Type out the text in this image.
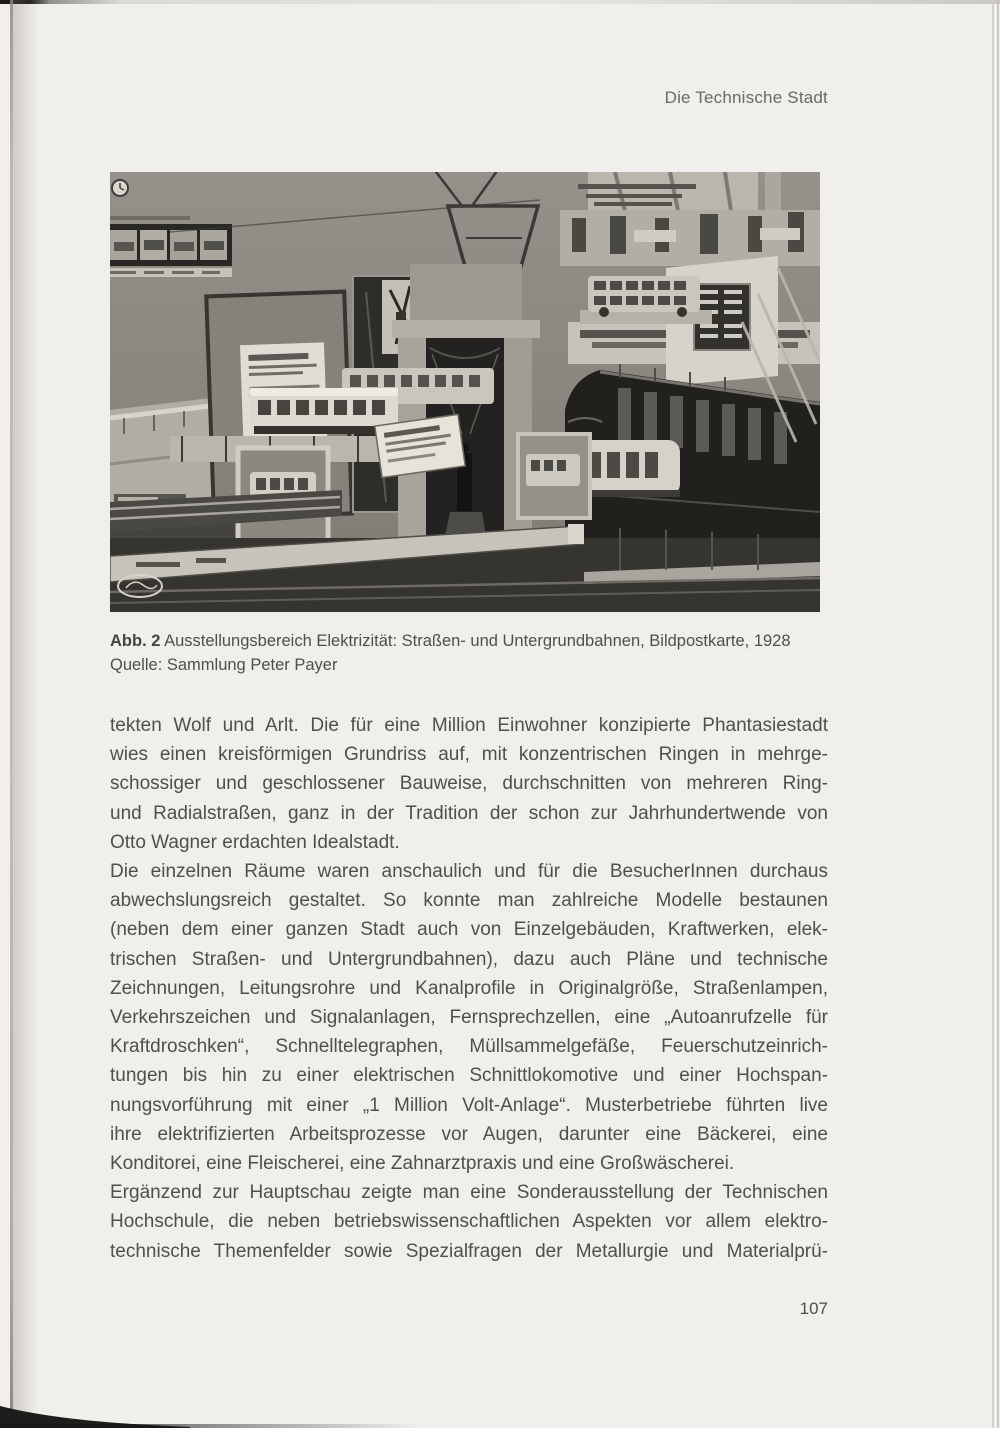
Die Technische Stadt
Abb. 2 Ausstellungsbereich Elektrizität: Straßen- und Untergrundbahnen, Bildpostkarte, 1928
Quelle: Sammlung Peter Payer
tekten Wolf und Arlt. Die für eine Million Einwohner konzipierte Phantasiestadt
wies einen kreisförmigen Grundriss auf, mit konzentrischen Ringen in mehrge-
schossiger und geschlossener Bauweise, durchschnitten von mehreren Ring-
und Radialstraßen, ganz in der Tradition der schon zur Jahrhundertwende von
Otto Wagner erdachten Idealstadt.
Die einzelnen Räume waren anschaulich und für die BesucherInnen durchaus
abwechslungsreich gestaltet. So konnte man zahlreiche Modelle bestaunen
(neben dem einer ganzen Stadt auch von Einzelgebäuden, Kraftwerken, elek-
trischen Straßen- und Untergrundbahnen), dazu auch Pläne und technische
Zeichnungen, Leitungsrohre und Kanalprofile in Originalgröße, Straßenlampen,
Verkehrszeichen und Signalanlagen, Fernsprechzellen, eine „Autoanrufzelle für
Kraftdroschken“, Schnelltelegraphen, Müllsammelgefäße, Feuerschutzeinrich-
tungen bis hin zu einer elektrischen Schnittlokomotive und einer Hochspan-
nungsvorführung mit einer „1 Million Volt-Anlage“. Musterbetriebe führten live
ihre elektrifizierten Arbeitsprozesse vor Augen, darunter eine Bäckerei, eine
Konditorei, eine Fleischerei, eine Zahnarztpraxis und eine Großwäscherei.
Ergänzend zur Hauptschau zeigte man eine Sonderausstellung der Technischen
Hochschule, die neben betriebswissenschaftlichen Aspekten vor allem elektro-
technische Themenfelder sowie Spezialfragen der Metallurgie und Materialprü-
107
